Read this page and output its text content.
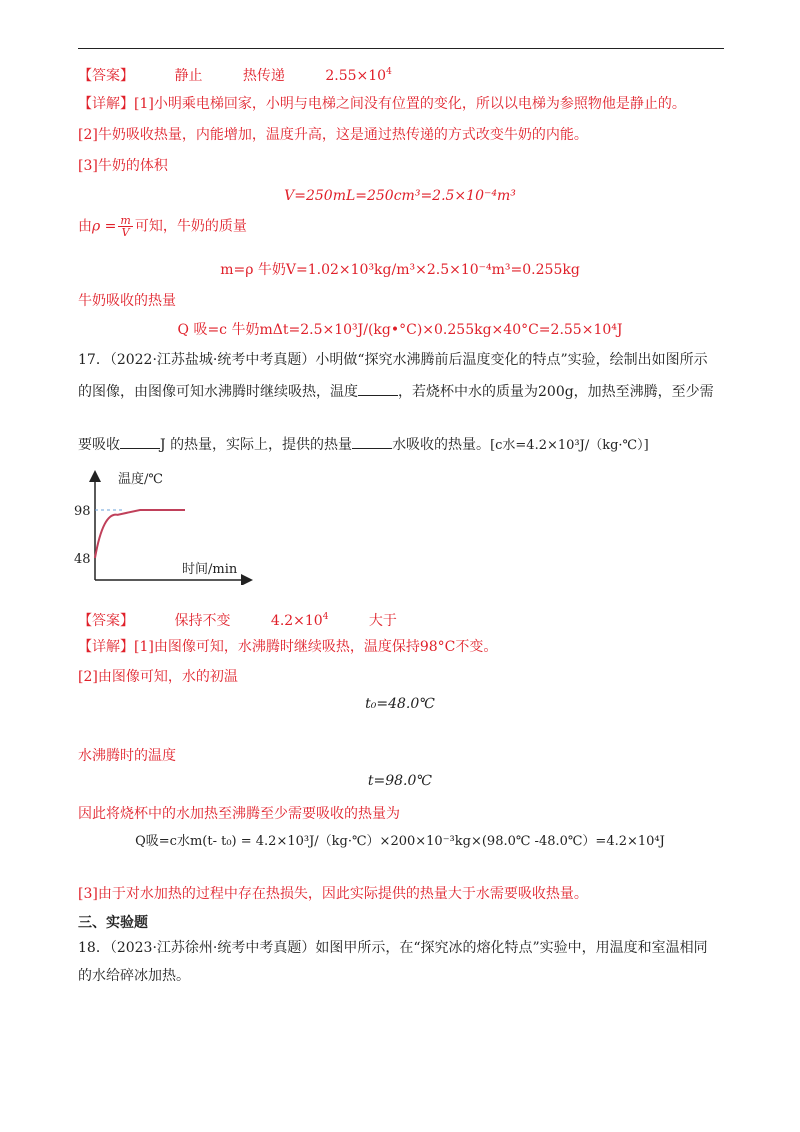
【答案】	静止	热传递	$2.55\times 10^4$
【详解】[1]小明乘电梯回家，小明与电梯之间没有位置的变化，所以以电梯为参照物他是静止的。
[2]牛奶吸收热量，内能增加，温度升高，这是通过热传递的方式改变牛奶的内能。
[3]牛奶的体积
V=250mL=250cm³=2.5×10⁻⁴m³
由$\rho = \frac{m}{V}$ 可知，牛奶的质量
m=ρ 牛奶V=1.02×10³kg/m³×2.5×10⁻⁴m³=0.255kg
牛奶吸收的热量
Q 吸=c 牛奶mΔt=2.5×10³J/(kg•°C)×0.255kg×40°C=2.55×10⁴J
17．（2022·江苏盐城·统考中考真题）小明做“探究水沸腾前后温度变化的特点”实验，绘制出如图所示
的图像，由图像可知水沸腾时继续吸热，温度	，若烧杯中水的质量为200g，加热至沸腾，至少需
要吸收	J 的热量，实际上，提供的热量	水吸收的热量。[c水=4.2×10³J/（kg·℃）]
温度/℃
时间/min
98
48
【答案】	保持不变	$4.2\times 10^4$	大于
【详解】[1]由图像可知，水沸腾时继续吸热，温度保持98°C不变。
[2]由图像可知，水的初温
t₀=48.0℃
水沸腾时的温度
t=98.0℃
因此将烧杯中的水加热至沸腾至少需要吸收的热量为
Q吸=c水m(t- t₀) = 4.2×10³J/（kg·℃）×200×10⁻³kg×(98.0℃ -48.0℃）=4.2×10⁴J
[3]由于对水加热的过程中存在热损失，因此实际提供的热量大于水需要吸收热量。
三、实验题
18．（2023·江苏徐州·统考中考真题）如图甲所示，在“探究冰的熔化特点”实验中，用温度和室温相同
的水给碎冰加热。
